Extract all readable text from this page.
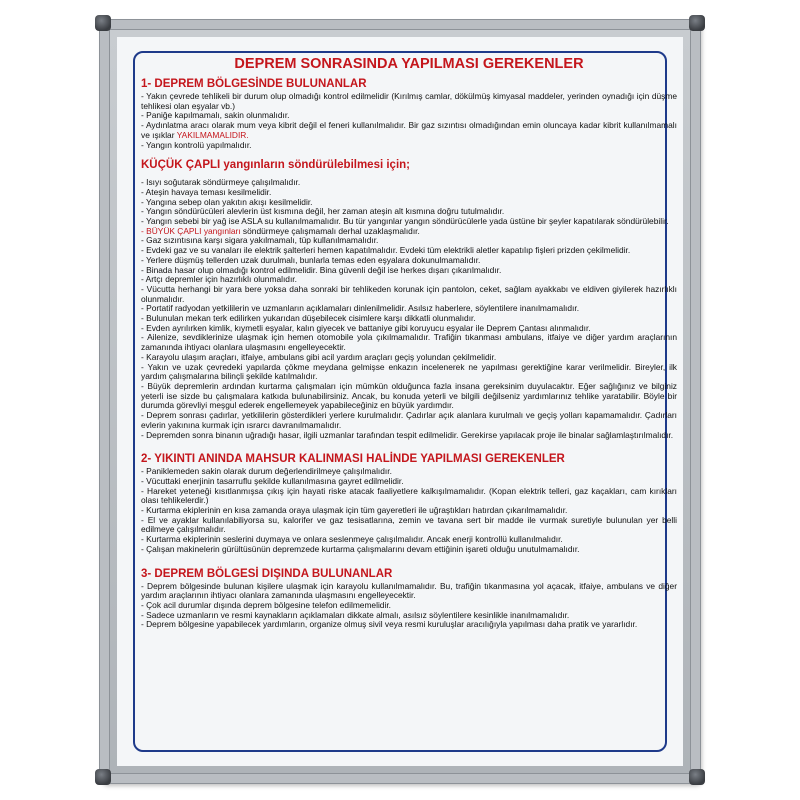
DEPREM SONRASINDA YAPILMASI GEREKENLER
1- DEPREM BÖLGESİNDE BULUNANLAR

- Yakın çevrede tehlikeli bir durum olup olmadığı kontrol edilmelidir (Kırılmış camlar, dökülmüş kimyasal maddeler, yerinden oynadığı için düşme tehlikesi olan eşyalar vb.)

- Paniğe kapılmamalı, sakin olunmalıdır.

- Aydınlatma aracı olarak mum veya kibrit değil el feneri kullanılmalıdır. Bir gaz sızıntısı olmadığından emin oluncaya kadar kibrit kullanılmamalı ve ışıklar YAKILMAMALIDIR.

- Yangın kontrolü yapılmalıdır.

KÜÇÜK ÇAPLI yangınların söndürülebilmesi için;

- Isıyı soğutarak söndürmeye çalışılmalıdır.

- Ateşin havaya teması kesilmelidir.

- Yangına sebep olan yakıtın akışı kesilmelidir.

- Yangın söndürücüleri alevlerin üst kısmına değil, her zaman ateşin alt kısmına doğru tutulmalıdır.

- Yangın sebebi bir yağ ise ASLA su kullanılmamalıdır. Bu tür yangınlar yangın söndürücülerle yada üstüne bir şeyler kapatılarak söndürülebilir.

- BÜYÜK ÇAPLI yangınları söndürmeye çalışmamalı derhal uzaklaşmalıdır.

- Gaz sızıntısına karşı sigara yakılmamalı, tüp kullanılmamalıdır.

- Evdeki gaz ve su vanaları ile elektrik şalterleri hemen kapatılmalıdır. Evdeki tüm elektrikli aletler kapatılıp fişleri prizden çekilmelidir.

- Yerlere düşmüş tellerden uzak durulmalı, bunlarla temas eden eşyalara dokunulmamalıdır.

- Binada hasar olup olmadığı kontrol edilmelidir. Bina güvenli değil ise herkes dışarı çıkarılmalıdır.

- Artçı depremler için hazırlıklı olunmalıdır.

- Vücutta herhangi bir yara bere yoksa daha sonraki bir tehlikeden korunak için pantolon, ceket, sağlam ayakkabı ve eldiven giyilerek hazırlıklı olunmalıdır.

- Portatif radyodan yetkililerin ve uzmanların açıklamaları dinlenilmelidir. Asılsız haberlere, söylentilere inanılmamalıdır.

- Bulunulan mekan terk edilirken yukarıdan düşebilecek cisimlere karşı dikkatli olunmalıdır.

- Evden ayrılırken kimlik, kıymetli eşyalar, kalın giyecek ve battaniye gibi koruyucu eşyalar ile Deprem Çantası alınmalıdır.

- Ailenize, sevdiklerinize ulaşmak için hemen otomobile yola çıkılmamalıdır. Trafiğin tıkanması ambulans, itfaiye ve diğer yardım araçlarının zamanında ihtiyacı olanlara ulaşmasını engelleyecektir.

- Karayolu ulaşım araçları, itfaiye, ambulans gibi acil yardım araçları geçiş yolundan çekilmelidir.

- Yakın ve uzak çevredeki yapılarda çökme meydana gelmişse enkazın incelenerek ne yapılması gerektiğine karar verilmelidir. Bireyler, ilk yardım çalışmalarına bilinçli şekilde katılmalıdır.

- Büyük depremlerin ardından kurtarma çalışmaları için mümkün olduğunca fazla insana gereksinim duyulacaktır. Eğer sağlığınız ve bilginiz yeterli ise sizde bu çalışmalara katkıda bulunabilirsiniz. Ancak, bu konuda yeterli ve bilgili değilseniz yardımlarınız tehlike yaratabilir. Böyle bir durumda görevliyi meşgul ederek engellemeyek yapabileceğiniz en büyük yardımdır.

- Deprem sonrası çadırlar, yetkililerin gösterdikleri yerlere kurulmalıdır. Çadırlar açık alanlara kurulmalı ve geçiş yolları kapamamalıdır. Çadırları evlerin yakınına kurmak için ısrarcı davranılmamalıdır.

- Depremden sonra binanın uğradığı hasar, ilgili uzmanlar tarafından tespit edilmelidir. Gerekirse yapılacak proje ile binalar sağlamlaştırılmalıdır.

2- YIKINTI ANINDA MAHSUR KALINMASI HALİNDE YAPILMASI GEREKENLER

- Paniklemeden sakin olarak durum değerlendirilmeye çalışılmalıdır.

- Vücuttaki enerjinin tasarruflu şekilde kullanılmasına gayret edilmelidir.

- Hareket yeteneği kısıtlanmışsa çıkış için hayati riske atacak faaliyetlere kalkışılmamalıdır. (Kopan elektrik telleri, gaz kaçakları, cam kırıkları olası tehlikelerdir.)

- Kurtarma ekiplerinin en kısa zamanda oraya ulaşmak için tüm gayeretleri ile uğraştıkları hatırdan çıkarılmamalıdır.

- El ve ayaklar kullanılabiliyorsa su, kalorifer ve gaz tesisatlarına, zemin ve tavana sert bir madde ile vurmak suretiyle bulunulan yer belli edilmeye çalışılmalıdır.

- Kurtarma ekiplerinin seslerini duymaya ve onlara seslenmeye çalışılmalıdır. Ancak enerji kontrollü kullanılmalıdır.

- Çalışan makinelerin gürültüsünün depremzede kurtarma çalışmalarını devam ettiğinin işareti olduğu unutulmamalıdır.

3- DEPREM BÖLGESİ DIŞINDA BULUNANLAR

- Deprem bölgesinde bulunan kişilere ulaşmak için karayolu kullanılmamalıdır. Bu, trafiğin tıkanmasına yol açacak, itfaiye, ambulans ve diğer yardım araçlarının ihtiyacı olanlara zamanında ulaşmasını engelleyecektir.

- Çok acil durumlar dışında deprem bölgesine telefon edilmemelidir.

- Sadece uzmanların ve resmi kaynakların açıklamaları dikkate almalı, asılsız söylentilere kesinlikle inanılmamalıdır.

- Deprem bölgesine yapabilecek yardımların, organize olmuş sivil veya resmi kuruluşlar aracılığıyla yapılması daha pratik ve yararlıdır.
